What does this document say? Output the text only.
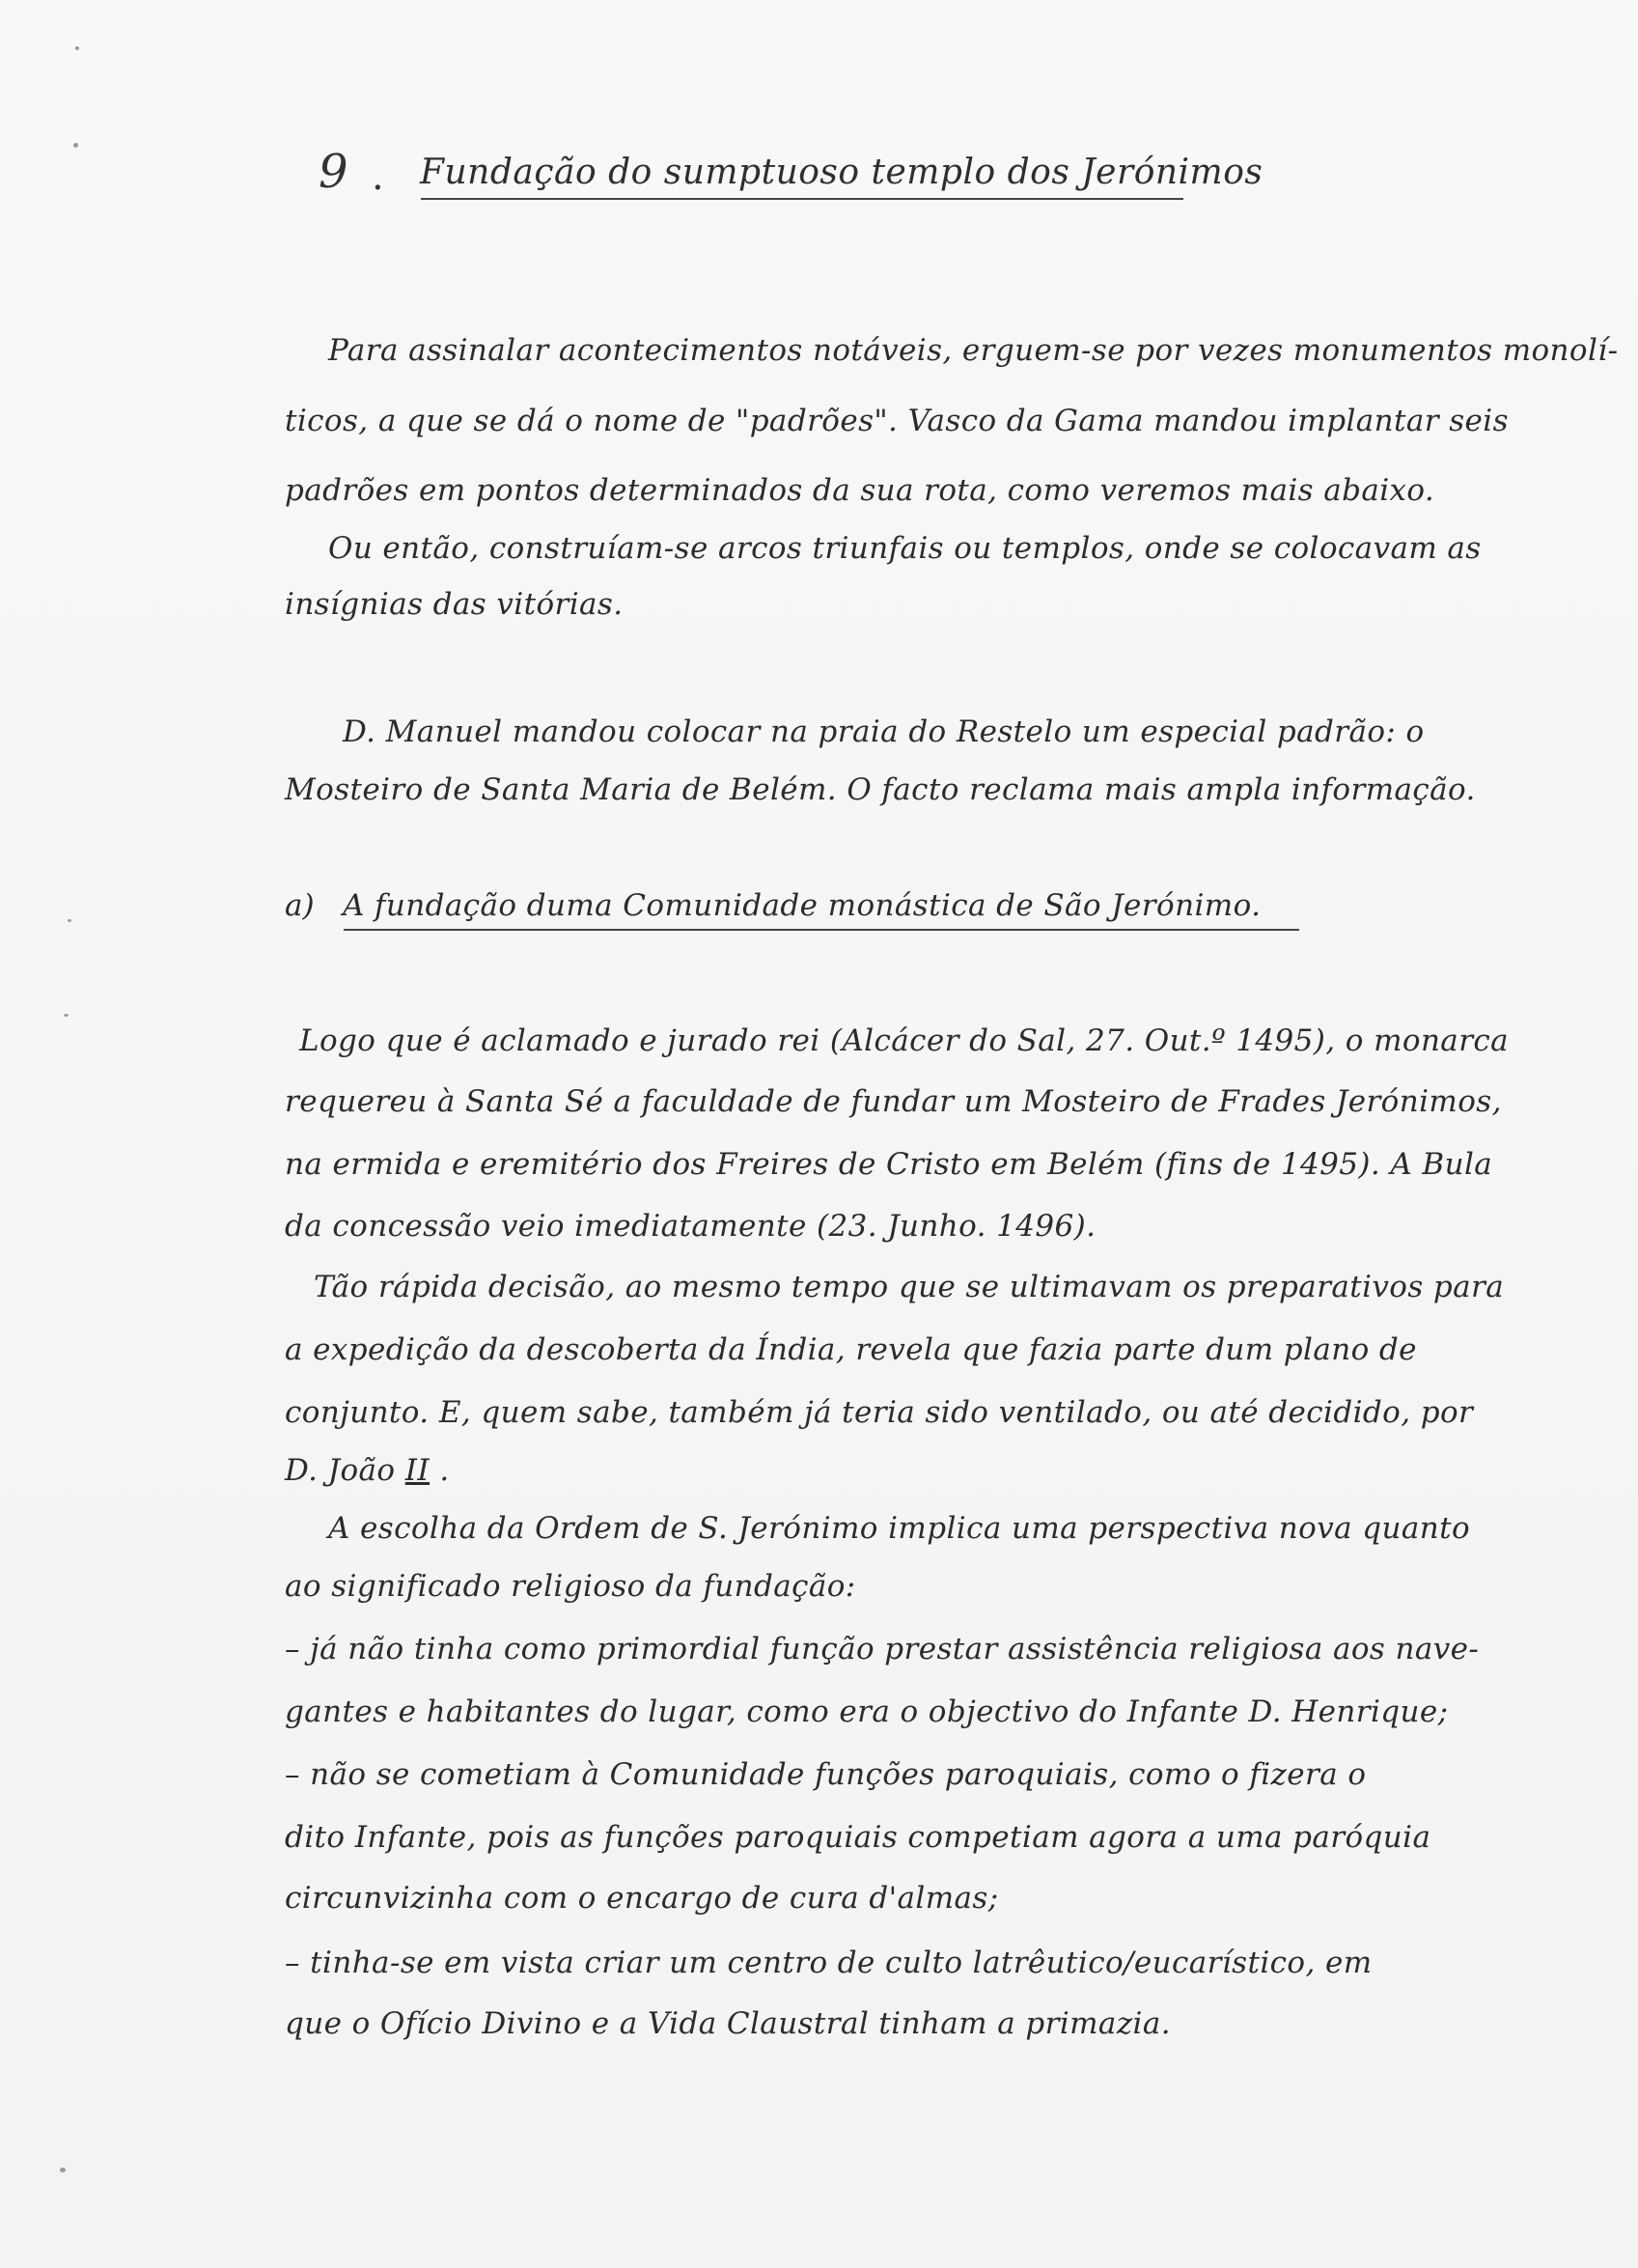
9 . Fundação do sumptuoso templo dos Jerónimos
Para assinalar acontecimentos notáveis, erguem-se por vezes monumentos monolí-
ticos, a que se dá o nome de "padrões". Vasco da Gama mandou implantar seis
padrões em pontos determinados da sua rota, como veremos mais abaixo.
Ou então, construíam-se arcos triunfais ou templos, onde se colocavam as
insígnias das vitórias.
D. Manuel mandou colocar na praia do Restelo um especial padrão: o
Mosteiro de Santa Maria de Belém. O facto reclama mais ampla informação.
a) A fundação duma Comunidade monástica de São Jerónimo.
Logo que é aclamado e jurado rei (Alcácer do Sal, 27. Out.º 1495), o monarca
requereu à Santa Sé a faculdade de fundar um Mosteiro de Frades Jerónimos,
na ermida e eremitério dos Freires de Cristo em Belém (fins de 1495). A Bula
da concessão veio imediatamente (23. Junho. 1496).
Tão rápida decisão, ao mesmo tempo que se ultimavam os preparativos para
a expedição da descoberta da Índia, revela que fazia parte dum plano de
conjunto. E, quem sabe, também já teria sido ventilado, ou até decidido, por
D. João II .
A escolha da Ordem de S. Jerónimo implica uma perspectiva nova quanto
ao significado religioso da fundação:
– já não tinha como primordial função prestar assistência religiosa aos nave-
gantes e habitantes do lugar, como era o objectivo do Infante D. Henrique;
– não se cometiam à Comunidade funções paroquiais, como o fizera o
dito Infante, pois as funções paroquiais competiam agora a uma paróquia
circunvizinha com o encargo de cura d'almas;
– tinha-se em vista criar um centro de culto latrêutico/eucarístico, em
que o Ofício Divino e a Vida Claustral tinham a primazia.
